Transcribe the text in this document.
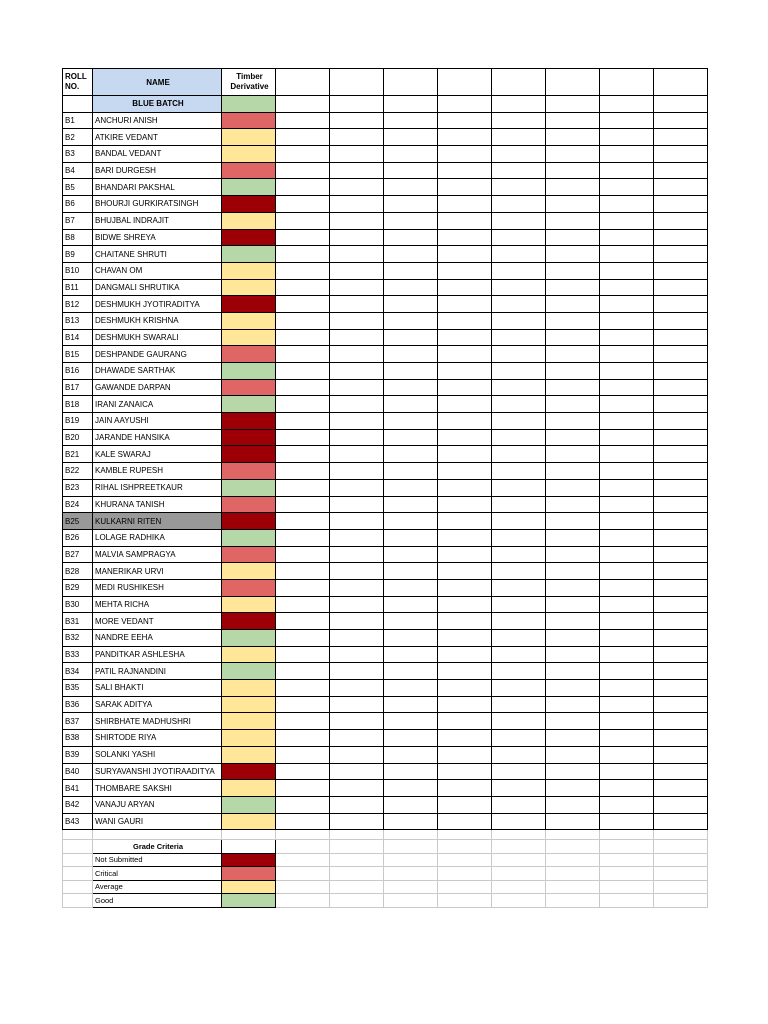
ROLL
NO.	NAME	Timber
Derivative								
	BLUE BATCH									
B1	ANCHURI ANISH									
B2	ATKIRE VEDANT									
B3	BANDAL VEDANT									
B4	BARI DURGESH									
B5	BHANDARI PAKSHAL									
B6	BHOURJI GURKIRATSINGH									
B7	BHUJBAL INDRAJIT									
B8	BIDWE SHREYA									
B9	CHAITANE SHRUTI									
B10	CHAVAN OM									
B11	DANGMALI SHRUTIKA									
B12	DESHMUKH JYOTIRADITYA									
B13	DESHMUKH KRISHNA									
B14	DESHMUKH SWARALI									
B15	DESHPANDE GAURANG									
B16	DHAWADE SARTHAK									
B17	GAWANDE DARPAN									
B18	IRANI ZANAICA									
B19	JAIN AAYUSHI									
B20	JARANDE HANSIKA									
B21	KALE SWARAJ									
B22	KAMBLE RUPESH									
B23	RIHAL ISHPREETKAUR									
B24	KHURANA TANISH									
B25	KULKARNI RITEN									
B26	LOLAGE RADHIKA									
B27	MALVIA SAMPRAGYA									
B28	MANERIKAR URVI									
B29	MEDI RUSHIKESH									
B30	MEHTA RICHA									
B31	MORE VEDANT									
B32	NANDRE EEHA									
B33	PANDITKAR ASHLESHA									
B34	PATIL RAJNANDINI									
B35	SALI BHAKTI									
B36	SARAK ADITYA									
B37	SHIRBHATE MADHUSHRI									
B38	SHIRTODE RIYA									
B39	SOLANKI YASHI									
B40	SURYAVANSHI JYOTIRAADITYA									
B41	THOMBARE SAKSHI									
B42	VANAJU ARYAN									
B43	WANI GAURI									

	Grade Criteria									
	Not Submitted									
	Critical									
	Average									
	Good									
